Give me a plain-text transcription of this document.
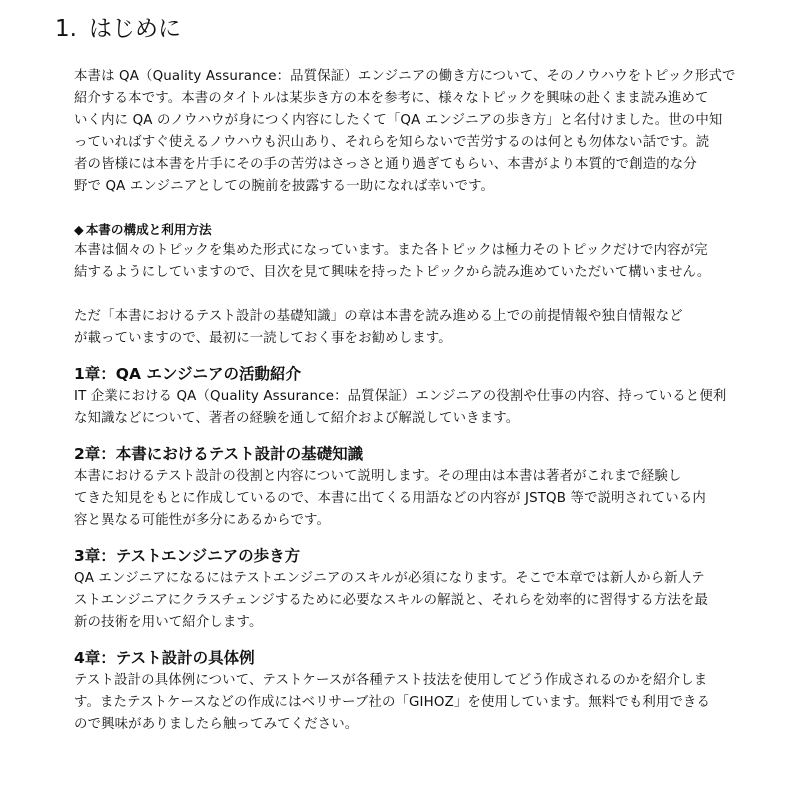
1. はじめに

本書は QA（Quality Assurance：品質保証）エンジニアの働き方について、そのノウハウをトピック形式で
紹介する本です。本書のタイトルは某歩き方の本を参考に、様々なトピックを興味の赴くまま読み進めて
いく内に QA のノウハウが身につく内容にしたくて「QA エンジニアの歩き方」と名付けました。世の中知
っていればすぐ使えるノウハウも沢山あり、それらを知らないで苦労するのは何とも勿体ない話です。読
者の皆様には本書を片手にその手の苦労はさっさと通り過ぎてもらい、本書がより本質的で創造的な分
野で QA エンジニアとしての腕前を披露する一助になれば幸いです。

◆ 本書の構成と利用方法

本書は個々のトピックを集めた形式になっています。また各トピックは極力そのトピックだけで内容が完
結するようにしていますので、目次を見て興味を持ったトピックから読み進めていただいて構いません。

ただ「本書におけるテスト設計の基礎知識」の章は本書を読み進める上での前提情報や独自情報など
が載っていますので、最初に一読しておく事をお勧めします。

1章：QA エンジニアの活動紹介

IT 企業における QA（Quality Assurance：品質保証）エンジニアの役割や仕事の内容、持っていると便利
な知識などについて、著者の経験を通して紹介および解説していきます。

2章：本書におけるテスト設計の基礎知識

本書におけるテスト設計の役割と内容について説明します。その理由は本書は著者がこれまで経験し
てきた知見をもとに作成しているので、本書に出てくる用語などの内容が JSTQB 等で説明されている内
容と異なる可能性が多分にあるからです。

3章：テストエンジニアの歩き方

QA エンジニアになるにはテストエンジニアのスキルが必須になります。そこで本章では新人から新人テ
ストエンジニアにクラスチェンジするために必要なスキルの解説と、それらを効率的に習得する方法を最
新の技術を用いて紹介します。

4章：テスト設計の具体例

テスト設計の具体例について、テストケースが各種テスト技法を使用してどう作成されるのかを紹介しま
す。またテストケースなどの作成にはベリサーブ社の「GIHOZ」を使用しています。無料でも利用できる
ので興味がありましたら触ってみてください。
